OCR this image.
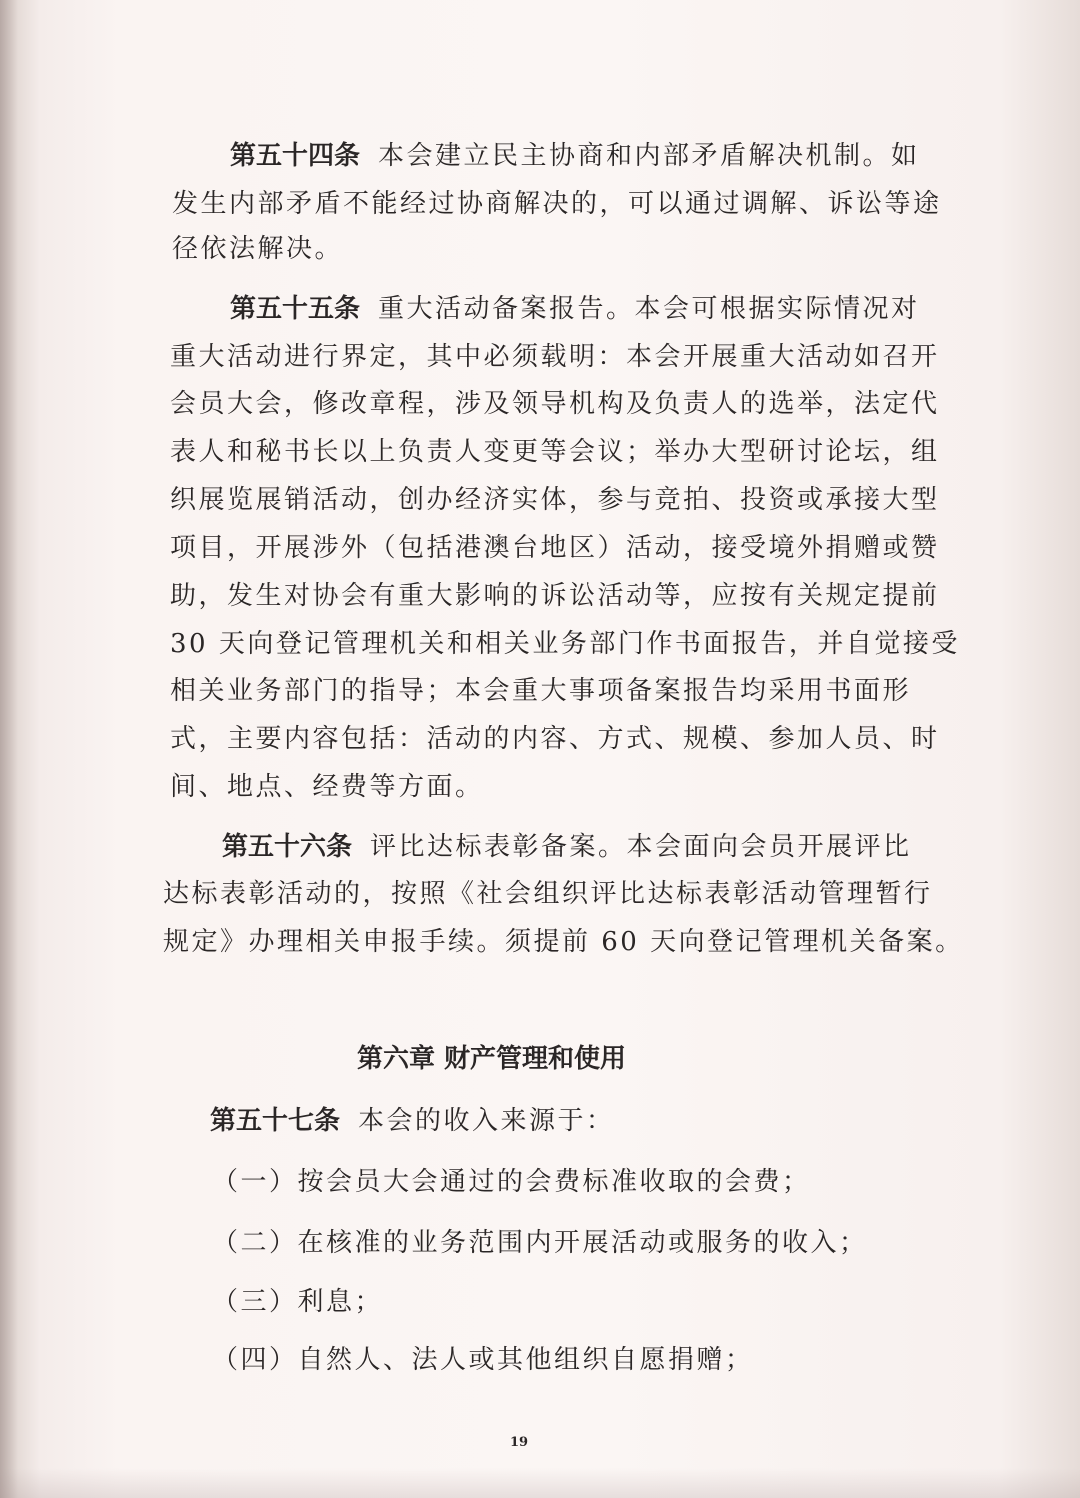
第五十四条 本会建立民主协商和内部矛盾解决机制。如
发生内部矛盾不能经过协商解决的，可以通过调解、诉讼等途
径依法解决。
第五十五条 重大活动备案报告。本会可根据实际情况对
重大活动进行界定，其中必须载明：本会开展重大活动如召开
会员大会，修改章程，涉及领导机构及负责人的选举，法定代
表人和秘书长以上负责人变更等会议；举办大型研讨论坛，组
织展览展销活动，创办经济实体，参与竞拍、投资或承接大型
项目，开展涉外（包括港澳台地区）活动，接受境外捐赠或赞
助，发生对协会有重大影响的诉讼活动等，应按有关规定提前
30 天向登记管理机关和相关业务部门作书面报告，并自觉接受
相关业务部门的指导；本会重大事项备案报告均采用书面形
式，主要内容包括：活动的内容、方式、规模、参加人员、时
间、地点、经费等方面。
第五十六条 评比达标表彰备案。本会面向会员开展评比
达标表彰活动的，按照《社会组织评比达标表彰活动管理暂行
规定》办理相关申报手续。须提前 60 天向登记管理机关备案。
第六章 财产管理和使用
第五十七条 本会的收入来源于：
（一）按会员大会通过的会费标准收取的会费；
（二）在核准的业务范围内开展活动或服务的收入；
（三）利息；
（四）自然人、法人或其他组织自愿捐赠；
19
